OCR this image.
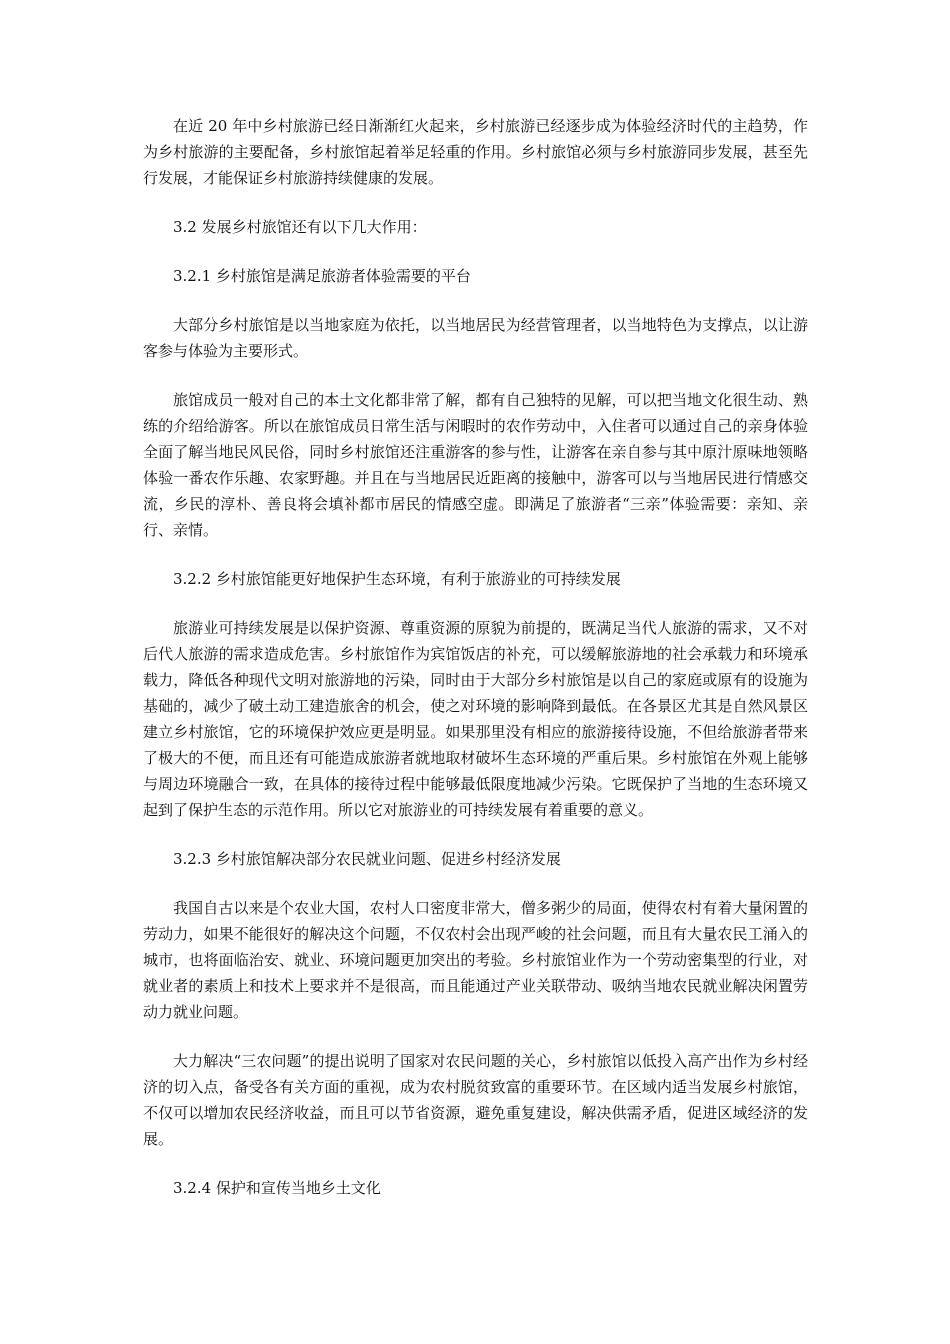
在近 20 年中乡村旅游已经日渐渐红火起来，乡村旅游已经逐步成为体验经济时代的主趋势，作为乡村旅游的主要配备，乡村旅馆起着举足轻重的作用。乡村旅馆必须与乡村旅游同步发展，甚至先行发展，才能保证乡村旅游持续健康的发展。

3.2 发展乡村旅馆还有以下几大作用：

3.2.1 乡村旅馆是满足旅游者体验需要的平台

大部分乡村旅馆是以当地家庭为依托，以当地居民为经营管理者，以当地特色为支撑点，以让游客参与体验为主要形式。

旅馆成员一般对自己的本土文化都非常了解，都有自己独特的见解，可以把当地文化很生动、熟练的介绍给游客。所以在旅馆成员日常生活与闲暇时的农作劳动中，入住者可以通过自己的亲身体验全面了解当地民风民俗，同时乡村旅馆还注重游客的参与性，让游客在亲自参与其中原汁原味地领略体验一番农作乐趣、农家野趣。并且在与当地居民近距离的接触中，游客可以与当地居民进行情感交流，乡民的淳朴、善良将会填补都市居民的情感空虚。即满足了旅游者“三亲”体验需要：亲知、亲行、亲情。

3.2.2 乡村旅馆能更好地保护生态环境，有利于旅游业的可持续发展

旅游业可持续发展是以保护资源、尊重资源的原貌为前提的，既满足当代人旅游的需求，又不对后代人旅游的需求造成危害。乡村旅馆作为宾馆饭店的补充，可以缓解旅游地的社会承载力和环境承载力，降低各种现代文明对旅游地的污染，同时由于大部分乡村旅馆是以自己的家庭或原有的设施为基础的，减少了破土动工建造旅舍的机会，使之对环境的影响降到最低。在各景区尤其是自然风景区建立乡村旅馆，它的环境保护效应更是明显。如果那里没有相应的旅游接待设施，不但给旅游者带来了极大的不便，而且还有可能造成旅游者就地取材破坏生态环境的严重后果。乡村旅馆在外观上能够与周边环境融合一致，在具体的接待过程中能够最低限度地减少污染。它既保护了当地的生态环境又起到了保护生态的示范作用。所以它对旅游业的可持续发展有着重要的意义。

3.2.3 乡村旅馆解决部分农民就业问题、促进乡村经济发展

我国自古以来是个农业大国，农村人口密度非常大，僧多粥少的局面，使得农村有着大量闲置的劳动力，如果不能很好的解决这个问题，不仅农村会出现严峻的社会问题，而且有大量农民工涌入的城市，也将面临治安、就业、环境问题更加突出的考验。乡村旅馆业作为一个劳动密集型的行业，对就业者的素质上和技术上要求并不是很高，而且能通过产业关联带动、吸纳当地农民就业解决闲置劳动力就业问题。

大力解决“三农问题”的提出说明了国家对农民问题的关心，乡村旅馆以低投入高产出作为乡村经济的切入点，备受各有关方面的重视，成为农村脱贫致富的重要环节。在区域内适当发展乡村旅馆，不仅可以增加农民经济收益，而且可以节省资源，避免重复建设，解决供需矛盾，促进区域经济的发展。

3.2.4 保护和宣传当地乡土文化
